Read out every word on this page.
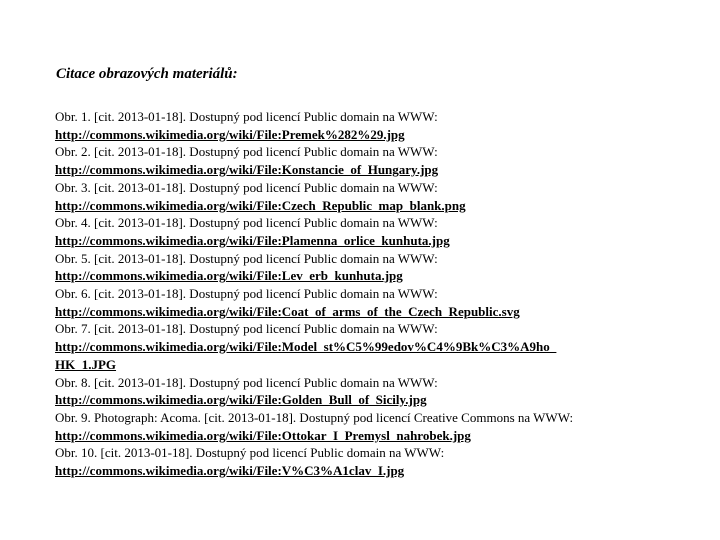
Citace obrazových materiálů:
Obr. 1. [cit. 2013-01-18]. Dostupný pod licencí Public domain na WWW:
http://commons.wikimedia.org/wiki/File:Premek%282%29.jpg
Obr. 2. [cit. 2013-01-18]. Dostupný pod licencí Public domain na WWW:
http://commons.wikimedia.org/wiki/File:Konstancie_of_Hungary.jpg
Obr. 3. [cit. 2013-01-18]. Dostupný pod licencí Public domain na WWW:
http://commons.wikimedia.org/wiki/File:Czech_Republic_map_blank.png
Obr. 4. [cit. 2013-01-18]. Dostupný pod licencí Public domain na WWW:
http://commons.wikimedia.org/wiki/File:Plamenna_orlice_kunhuta.jpg
Obr. 5. [cit. 2013-01-18]. Dostupný pod licencí Public domain na WWW:
http://commons.wikimedia.org/wiki/File:Lev_erb_kunhuta.jpg
Obr. 6. [cit. 2013-01-18]. Dostupný pod licencí Public domain na WWW:
http://commons.wikimedia.org/wiki/File:Coat_of_arms_of_the_Czech_Republic.svg
Obr. 7. [cit. 2013-01-18]. Dostupný pod licencí Public domain na WWW:
http://commons.wikimedia.org/wiki/File:Model_st%C5%99edov%C4%9Bk%C3%A9ho_HK_1.JPG
Obr. 8. [cit. 2013-01-18]. Dostupný pod licencí Public domain na WWW:
http://commons.wikimedia.org/wiki/File:Golden_Bull_of_Sicily.jpg
Obr. 9. Photograph: Acoma. [cit. 2013-01-18]. Dostupný pod licencí Creative Commons na WWW:
http://commons.wikimedia.org/wiki/File:Ottokar_I_Premysl_nahrobek.jpg
Obr. 10. [cit. 2013-01-18]. Dostupný pod licencí Public domain na WWW:
http://commons.wikimedia.org/wiki/File:V%C3%A1clav_I.jpg
